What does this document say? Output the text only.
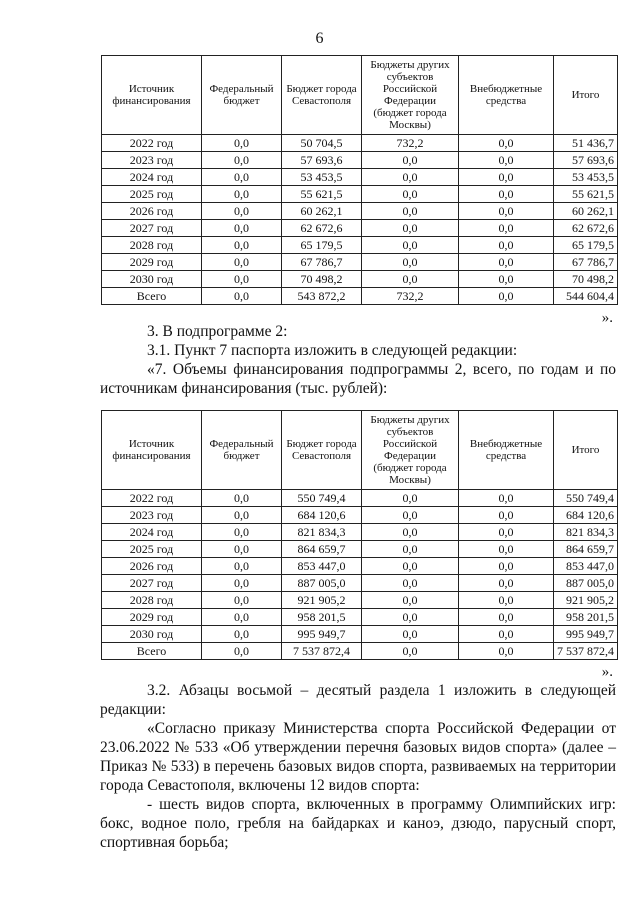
6
Источник финансирования	Федеральный бюджет	Бюджет города Севастополя	Бюджеты других субъектов Российской Федерации (бюджет города Москвы)	Внебюджетные средства	Итого
2022 год	0,0	50 704,5	732,2	0,0	51 436,7
2023 год	0,0	57 693,6	0,0	0,0	57 693,6
2024 год	0,0	53 453,5	0,0	0,0	53 453,5
2025 год	0,0	55 621,5	0,0	0,0	55 621,5
2026 год	0,0	60 262,1	0,0	0,0	60 262,1
2027 год	0,0	62 672,6	0,0	0,0	62 672,6
2028 год	0,0	65 179,5	0,0	0,0	65 179,5
2029 год	0,0	67 786,7	0,0	0,0	67 786,7
2030 год	0,0	70 498,2	0,0	0,0	70 498,2
Всего	0,0	543 872,2	732,2	0,0	544 604,4
».
3. В подпрограмме 2:
3.1. Пункт 7 паспорта изложить в следующей редакции:
«7. Объемы финансирования подпрограммы 2, всего, по годам и по источникам финансирования (тыс. рублей):
Источник финансирования	Федеральный бюджет	Бюджет города Севастополя	Бюджеты других субъектов Российской Федерации (бюджет города Москвы)	Внебюджетные средства	Итого
2022 год	0,0	550 749,4	0,0	0,0	550 749,4
2023 год	0,0	684 120,6	0,0	0,0	684 120,6
2024 год	0,0	821 834,3	0,0	0,0	821 834,3
2025 год	0,0	864 659,7	0,0	0,0	864 659,7
2026 год	0,0	853 447,0	0,0	0,0	853 447,0
2027 год	0,0	887 005,0	0,0	0,0	887 005,0
2028 год	0,0	921 905,2	0,0	0,0	921 905,2
2029 год	0,0	958 201,5	0,0	0,0	958 201,5
2030 год	0,0	995 949,7	0,0	0,0	995 949,7
Всего	0,0	7 537 872,4	0,0	0,0	7 537 872,4
».
3.2. Абзацы восьмой – десятый раздела 1 изложить в следующей редакции:
«Согласно приказу Министерства спорта Российской Федерации от 23.06.2022 № 533 «Об утверждении перечня базовых видов спорта» (далее – Приказ № 533) в перечень базовых видов спорта, развиваемых на территории города Севастополя, включены 12 видов спорта:
- шесть видов спорта, включенных в программу Олимпийских игр: бокс, водное поло, гребля на байдарках и каноэ, дзюдо, парусный спорт, спортивная борьба;
